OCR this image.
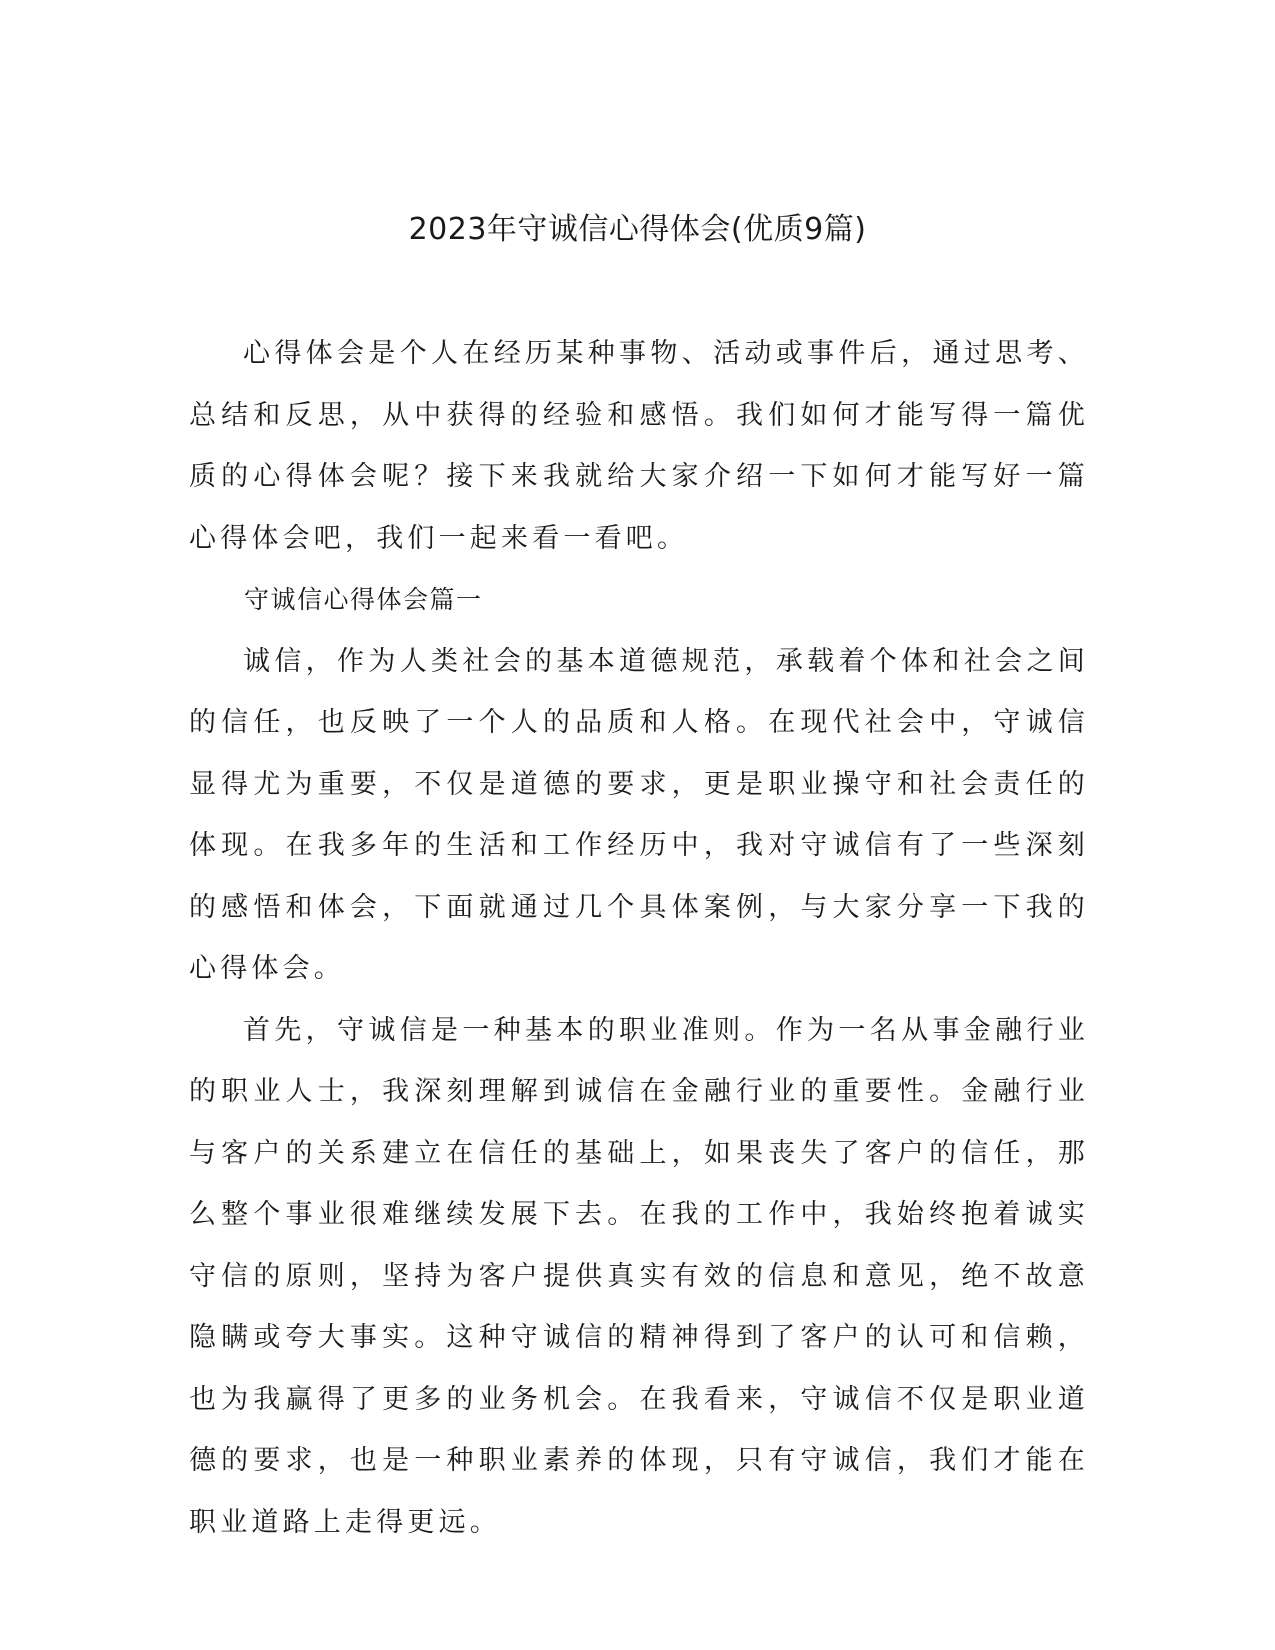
2023年守诚信心得体会(优质9篇)

心得体会是个人在经历某种事物、活动或事件后，通过思考、总结和反思，从中获得的经验和感悟。我们如何才能写得一篇优质的心得体会呢？接下来我就给大家介绍一下如何才能写好一篇心得体会吧，我们一起来看一看吧。

守诚信心得体会篇一

诚信，作为人类社会的基本道德规范，承载着个体和社会之间的信任，也反映了一个人的品质和人格。在现代社会中，守诚信显得尤为重要，不仅是道德的要求，更是职业操守和社会责任的体现。在我多年的生活和工作经历中，我对守诚信有了一些深刻的感悟和体会，下面就通过几个具体案例，与大家分享一下我的心得体会。

首先，守诚信是一种基本的职业准则。作为一名从事金融行业的职业人士，我深刻理解到诚信在金融行业的重要性。金融行业与客户的关系建立在信任的基础上，如果丧失了客户的信任，那么整个事业很难继续发展下去。在我的工作中，我始终抱着诚实守信的原则，坚持为客户提供真实有效的信息和意见，绝不故意隐瞒或夸大事实。这种守诚信的精神得到了客户的认可和信赖，也为我赢得了更多的业务机会。在我看来，守诚信不仅是职业道德的要求，也是一种职业素养的体现，只有守诚信，我们才能在职业道路上走得更远。
